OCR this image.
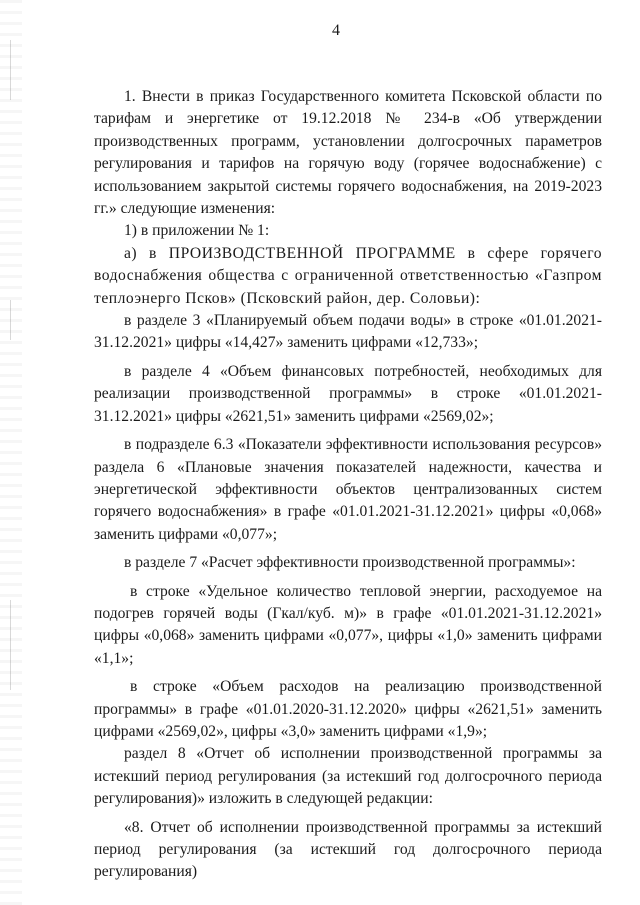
4

1. Внести в приказ Государственного комитета Псковской области по тарифам и энергетике от 19.12.2018 № 234-в «Об утверждении производственных программ, установлении долгосрочных параметров регулирования и тарифов на горячую воду (горячее водоснабжение) с использованием закрытой системы горячего водоснабжения, на 2019-2023 гг.» следующие изменения:

1) в приложении № 1:

а) в ПРОИЗВОДСТВЕННОЙ ПРОГРАММЕ в сфере горячего водоснабжения общества с ограниченной ответственностью «Газпром теплоэнерго Псков» (Псковский район, дер. Соловьи):

в разделе 3 «Планируемый объем подачи воды» в строке «01.01.2021-31.12.2021» цифры «14,427» заменить цифрами «12,733»;

в разделе 4 «Объем финансовых потребностей, необходимых для реализации производственной программы» в строке «01.01.2021-31.12.2021» цифры «2621,51» заменить цифрами «2569,02»;

в подразделе 6.3 «Показатели эффективности использования ресурсов» раздела 6 «Плановые значения показателей надежности, качества и энергетической эффективности объектов централизованных систем горячего водоснабжения» в графе «01.01.2021-31.12.2021» цифры «0,068» заменить цифрами «0,077»;

в разделе 7 «Расчет эффективности производственной программы»:

в строке «Удельное количество тепловой энергии, расходуемое на подогрев горячей воды (Гкал/куб. м)» в графе «01.01.2021-31.12.2021» цифры «0,068» заменить цифрами «0,077», цифры «1,0» заменить цифрами «1,1»;

в строке «Объем расходов на реализацию производственной программы» в графе «01.01.2020-31.12.2020» цифры «2621,51» заменить цифрами «2569,02», цифры «3,0» заменить цифрами «1,9»;

раздел 8 «Отчет об исполнении производственной программы за истекший период регулирования (за истекший год долгосрочного периода регулирования)» изложить в следующей редакции:

«8. Отчет об исполнении производственной программы за истекший период регулирования (за истекший год долгосрочного периода регулирования)
